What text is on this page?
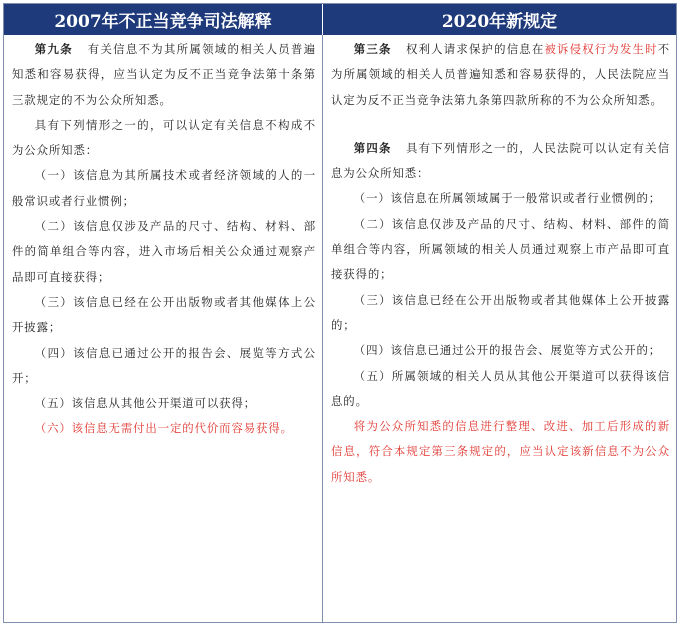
2007年不正当竞争司法解释	2020年新规定

第九条 有关信息不为其所属领域的相关人员普遍知悉和容易获得，应当认定为反不正当竞争法第十条第三款规定的不为公众所知悉。

具有下列情形之一的，可以认定有关信息不构成不为公众所知悉：

（一）该信息为其所属技术或者经济领域的人的一般常识或者行业惯例；

（二）该信息仅涉及产品的尺寸、结构、材料、部件的简单组合等内容，进入市场后相关公众通过观察产品即可直接获得；

（三）该信息已经在公开出版物或者其他媒体上公开披露；

（四）该信息已通过公开的报告会、展览等方式公开；

（五）该信息从其他公开渠道可以获得；

（六）该信息无需付出一定的代价而容易获得。

第三条 权利人请求保护的信息在被诉侵权行为发生时不为所属领域的相关人员普遍知悉和容易获得的，人民法院应当认定为反不正当竞争法第九条第四款所称的不为公众所知悉。

第四条 具有下列情形之一的，人民法院可以认定有关信息为公众所知悉：

（一）该信息在所属领域属于一般常识或者行业惯例的；

（二）该信息仅涉及产品的尺寸、结构、材料、部件的简单组合等内容，所属领域的相关人员通过观察上市产品即可直接获得的；

（三）该信息已经在公开出版物或者其他媒体上公开披露的；

（四）该信息已通过公开的报告会、展览等方式公开的；

（五）所属领域的相关人员从其他公开渠道可以获得该信息的。

将为公众所知悉的信息进行整理、改进、加工后形成的新信息，符合本规定第三条规定的，应当认定该新信息不为公众所知悉。
